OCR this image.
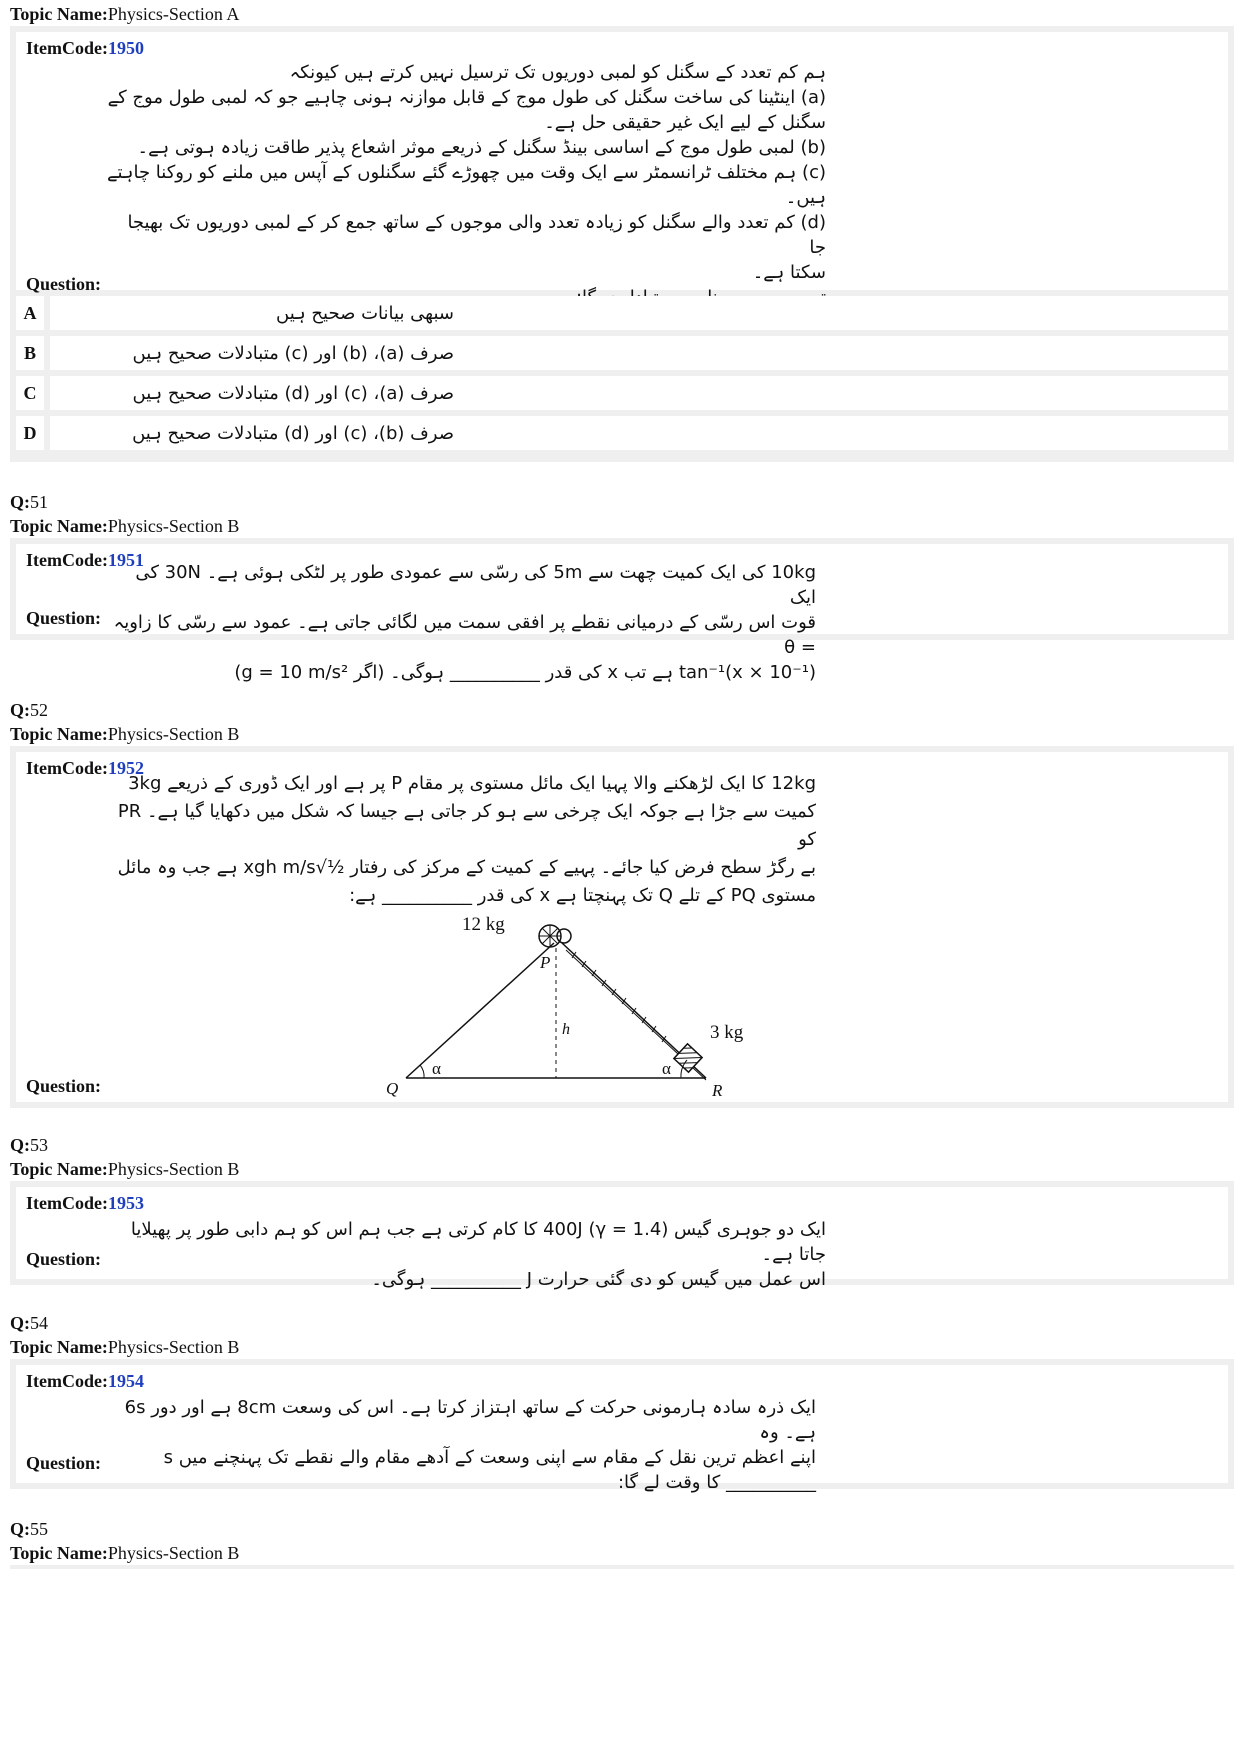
Topic Name:Physics-Section A
ItemCode:1950

ہم کم تعدد کے سگنل کو لمبی دوریوں تک ترسیل نہیں کرتے ہیں کیونکہ

(a) اینٹینا کی ساخت سگنل کی طول موج کے قابل موازنہ ہونی چاہیے جو کہ لمبی طول موج کے

سگنل کے لیے ایک غیر حقیقی حل ہے۔

(b) لمبی طول موج کے اساسی بینڈ سگنل کے ذریعے موثر اشعاع پذیر طاقت زیادہ ہوتی ہے۔

(c) ہم مختلف ٹرانسمٹر سے ایک وقت میں چھوڑے گئے سگنلوں کے آپس میں ملنے کو روکنا چاہتے

ہیں۔

(d) کم تعدد والے سگنل کو زیادہ تعدد والی موجوں کے ساتھ جمع کر کے لمبی دوریوں تک بھیجا جا

سکتا ہے۔

Question:
A	سبھی بیانات صحیح ہیں
B	صرف (a)، (b) اور (c) متبادلات صحیح ہیں
C	صرف (a)، (c) اور (d) متبادلات صحیح ہیں
D	صرف (b)، (c) اور (d) متبادلات صحیح ہیں
Q:51
Topic Name:Physics-Section B
ItemCode:1951

10kg کی ایک کمیت چھت سے 5m کی رسّی سے عمودی طور پر لٹکی ہوئی ہے۔ 30N کی ایک

قوت اس رسّی کے درمیانی نقطے پر افقی سمت میں لگائی جاتی ہے۔ عمود سے رسّی کا زاویہ = θ

tan⁻¹(x × 10⁻¹) ہے تب x کی قدر __________ ہوگی۔ (اگر g = 10 m/s²)

Question:
Q:52
Topic Name:Physics-Section B
ItemCode:1952

12kg کا ایک لڑھکنے والا پہیا ایک مائل مستوی پر مقام P پر ہے اور ایک ڈوری کے ذریعے 3kg

کمیت سے جڑا ہے جوکہ ایک چرخی سے ہو کر جاتی ہے جیسا کہ شکل میں دکھایا گیا ہے۔ PR کو

بے رگڑ سطح فرض کیا جائے۔ پہیے کے کمیت کے مرکز کی رفتار ½√xgh m/s ہے جب وہ مائل

مستوی PQ کے تلے Q تک پہنچتا ہے x کی قدر __________ ہے:

12 kg
3 kg
P
Q	R
h
α	α
Question:
Q:53
Topic Name:Physics-Section B
ItemCode:1953

ایک دو جوہری گیس (γ = 1.4) 400J کا کام کرتی ہے جب ہم اس کو ہم دابی طور پر پھیلایا جاتا ہے۔

اس عمل میں گیس کو دی گئی حرارت J __________ ہوگی۔

Question:
Q:54
Topic Name:Physics-Section B
ItemCode:1954

ایک ذرہ سادہ ہارمونی حرکت کے ساتھ اہتزاز کرتا ہے۔ اس کی وسعت 8cm ہے اور دور 6s ہے۔ وہ

اپنے اعظم ترین نقل کے مقام سے اپنی وسعت کے آدھے مقام والے نقطے تک پہنچنے میں s

__________ کا وقت لے گا:

Question:
Q:55
Topic Name:Physics-Section B
